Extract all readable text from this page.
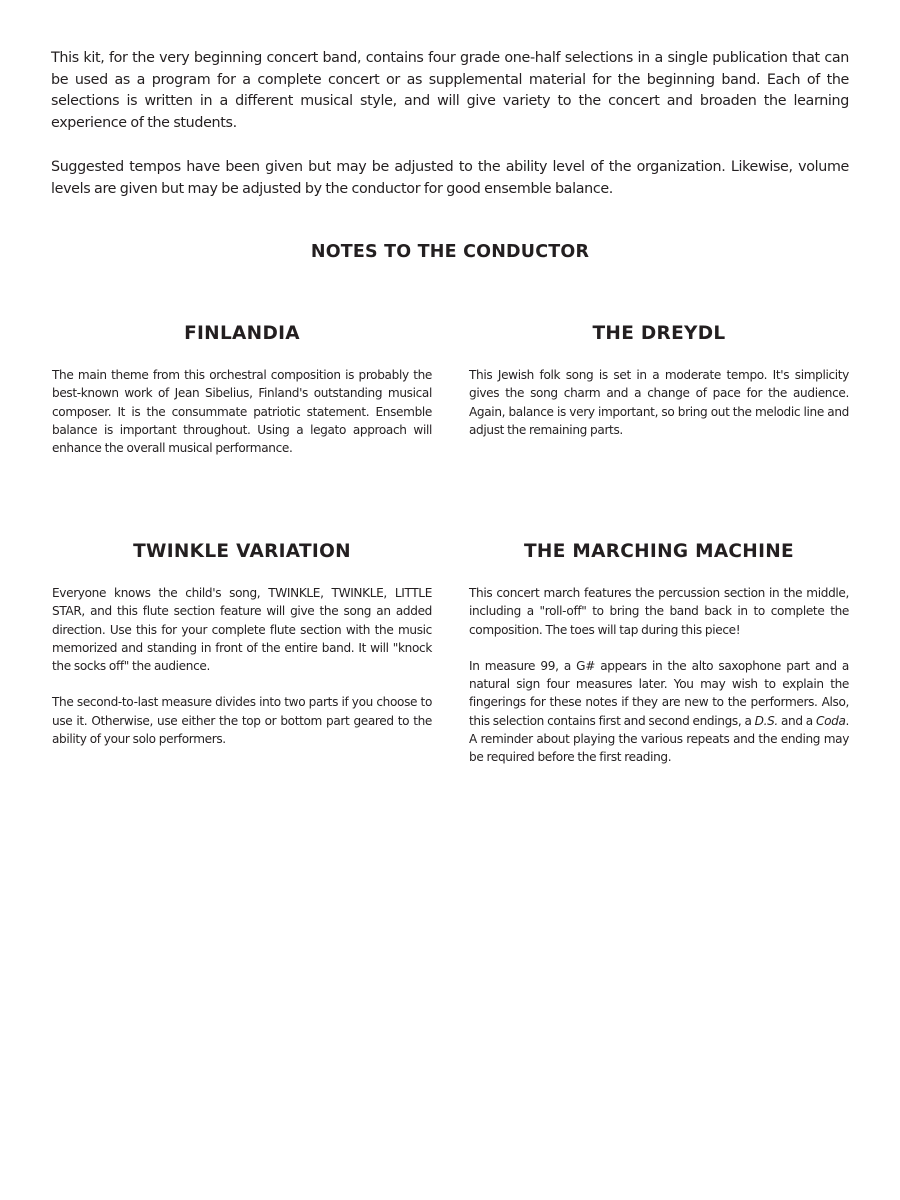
This kit, for the very beginning concert band, contains four grade one-half selections in a single publication that can be used as a program for a complete concert or as supplemental material for the beginning band. Each of the selections is written in a different musical style, and will give variety to the concert and broaden the learning experience of the students.

Suggested tempos have been given but may be adjusted to the ability level of the organization. Likewise, volume levels are given but may be adjusted by the conductor for good ensemble balance.

NOTES TO THE CONDUCTOR
FINLANDIA

The main theme from this orchestral composition is probably the best-known work of Jean Sibelius, Finland's outstanding musical composer. It is the consummate patriotic statement. Ensemble balance is important throughout. Using a legato approach will enhance the overall musical performance.

THE DREYDL

This Jewish folk song is set in a moderate tempo. It's simplicity gives the song charm and a change of pace for the audience. Again, balance is very important, so bring out the melodic line and adjust the remaining parts.

TWINKLE VARIATION

Everyone knows the child's song, TWINKLE, TWINKLE, LITTLE STAR, and this flute section feature will give the song an added direction. Use this for your complete flute section with the music memorized and standing in front of the entire band. It will "knock the socks off" the audience.

The second-to-last measure divides into two parts if you choose to use it. Otherwise, use either the top or bottom part geared to the ability of your solo performers.

THE MARCHING MACHINE

This concert march features the percussion section in the middle, including a "roll-off" to bring the band back in to complete the composition. The toes will tap during this piece!

In measure 99, a G# appears in the alto saxophone part and a natural sign four measures later. You may wish to explain the fingerings for these notes if they are new to the performers. Also, this selection contains first and second endings, a D.S. and a Coda. A reminder about playing the various repeats and the ending may be required before the first reading.
